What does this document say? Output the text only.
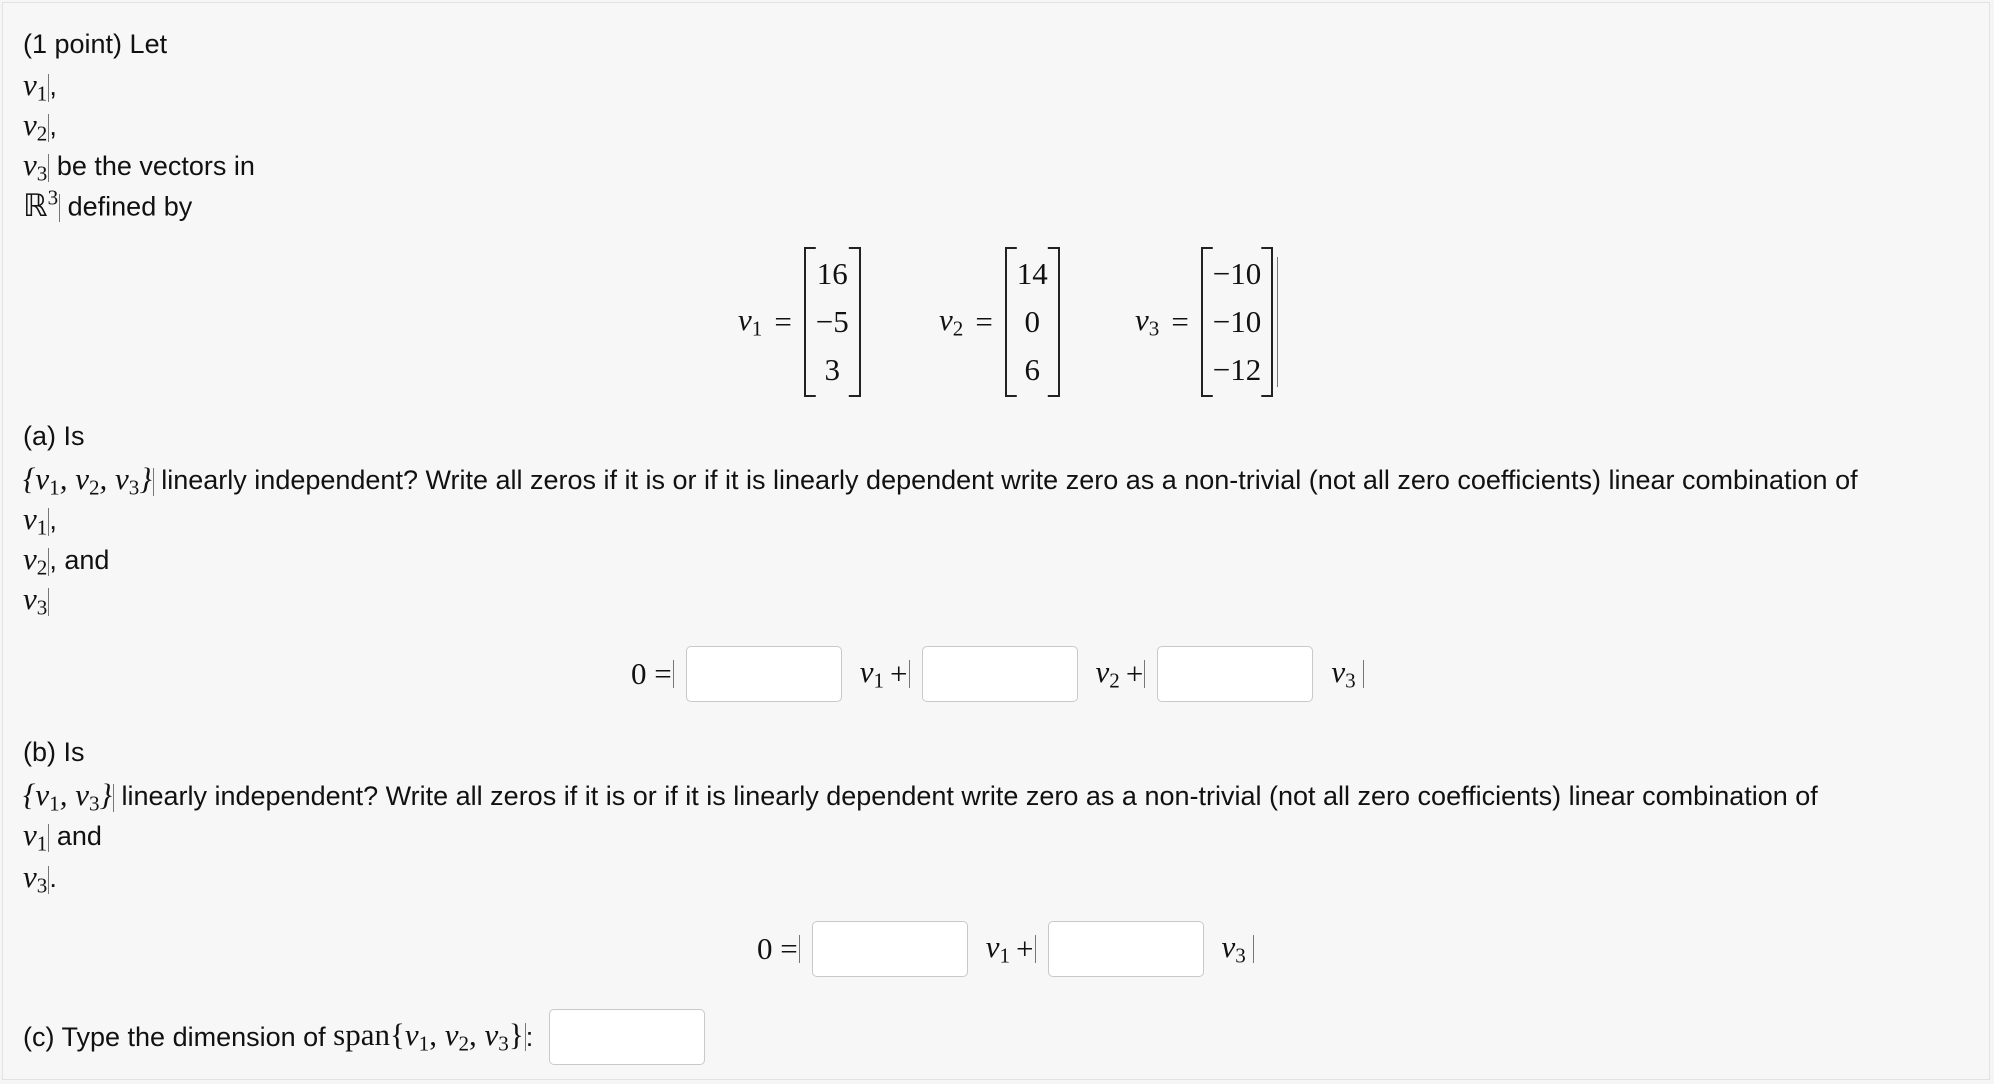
(1 point) Let
$v_1$,
$v_2$,
$v_3$ be the vectors in
ℝ$^3$ defined by
$v_1$ =
16
−5
3
$v_2$ =
14
0
6
$v_3$ =
−10
−10
−12
(a) Is
{$v_1$, $v_2$, $v_3$} linearly independent? Write all zeros if it is or if it is linearly dependent write zero as a non-trivial (not all zero coefficients) linear combination of
$v_1$,
$v_2$, and
$v_3$
0 =	$v_1$ +	$v_2$ +	$v_3$
(b) Is
{$v_1$, $v_3$} linearly independent? Write all zeros if it is or if it is linearly dependent write zero as a non-trivial (not all zero coefficients) linear combination of
$v_1$ and
$v_3$.
0 =	$v_1$ +	$v_3$
(c) Type the dimension of
$span\{v_1$, $v_2$, $v_3$} :
